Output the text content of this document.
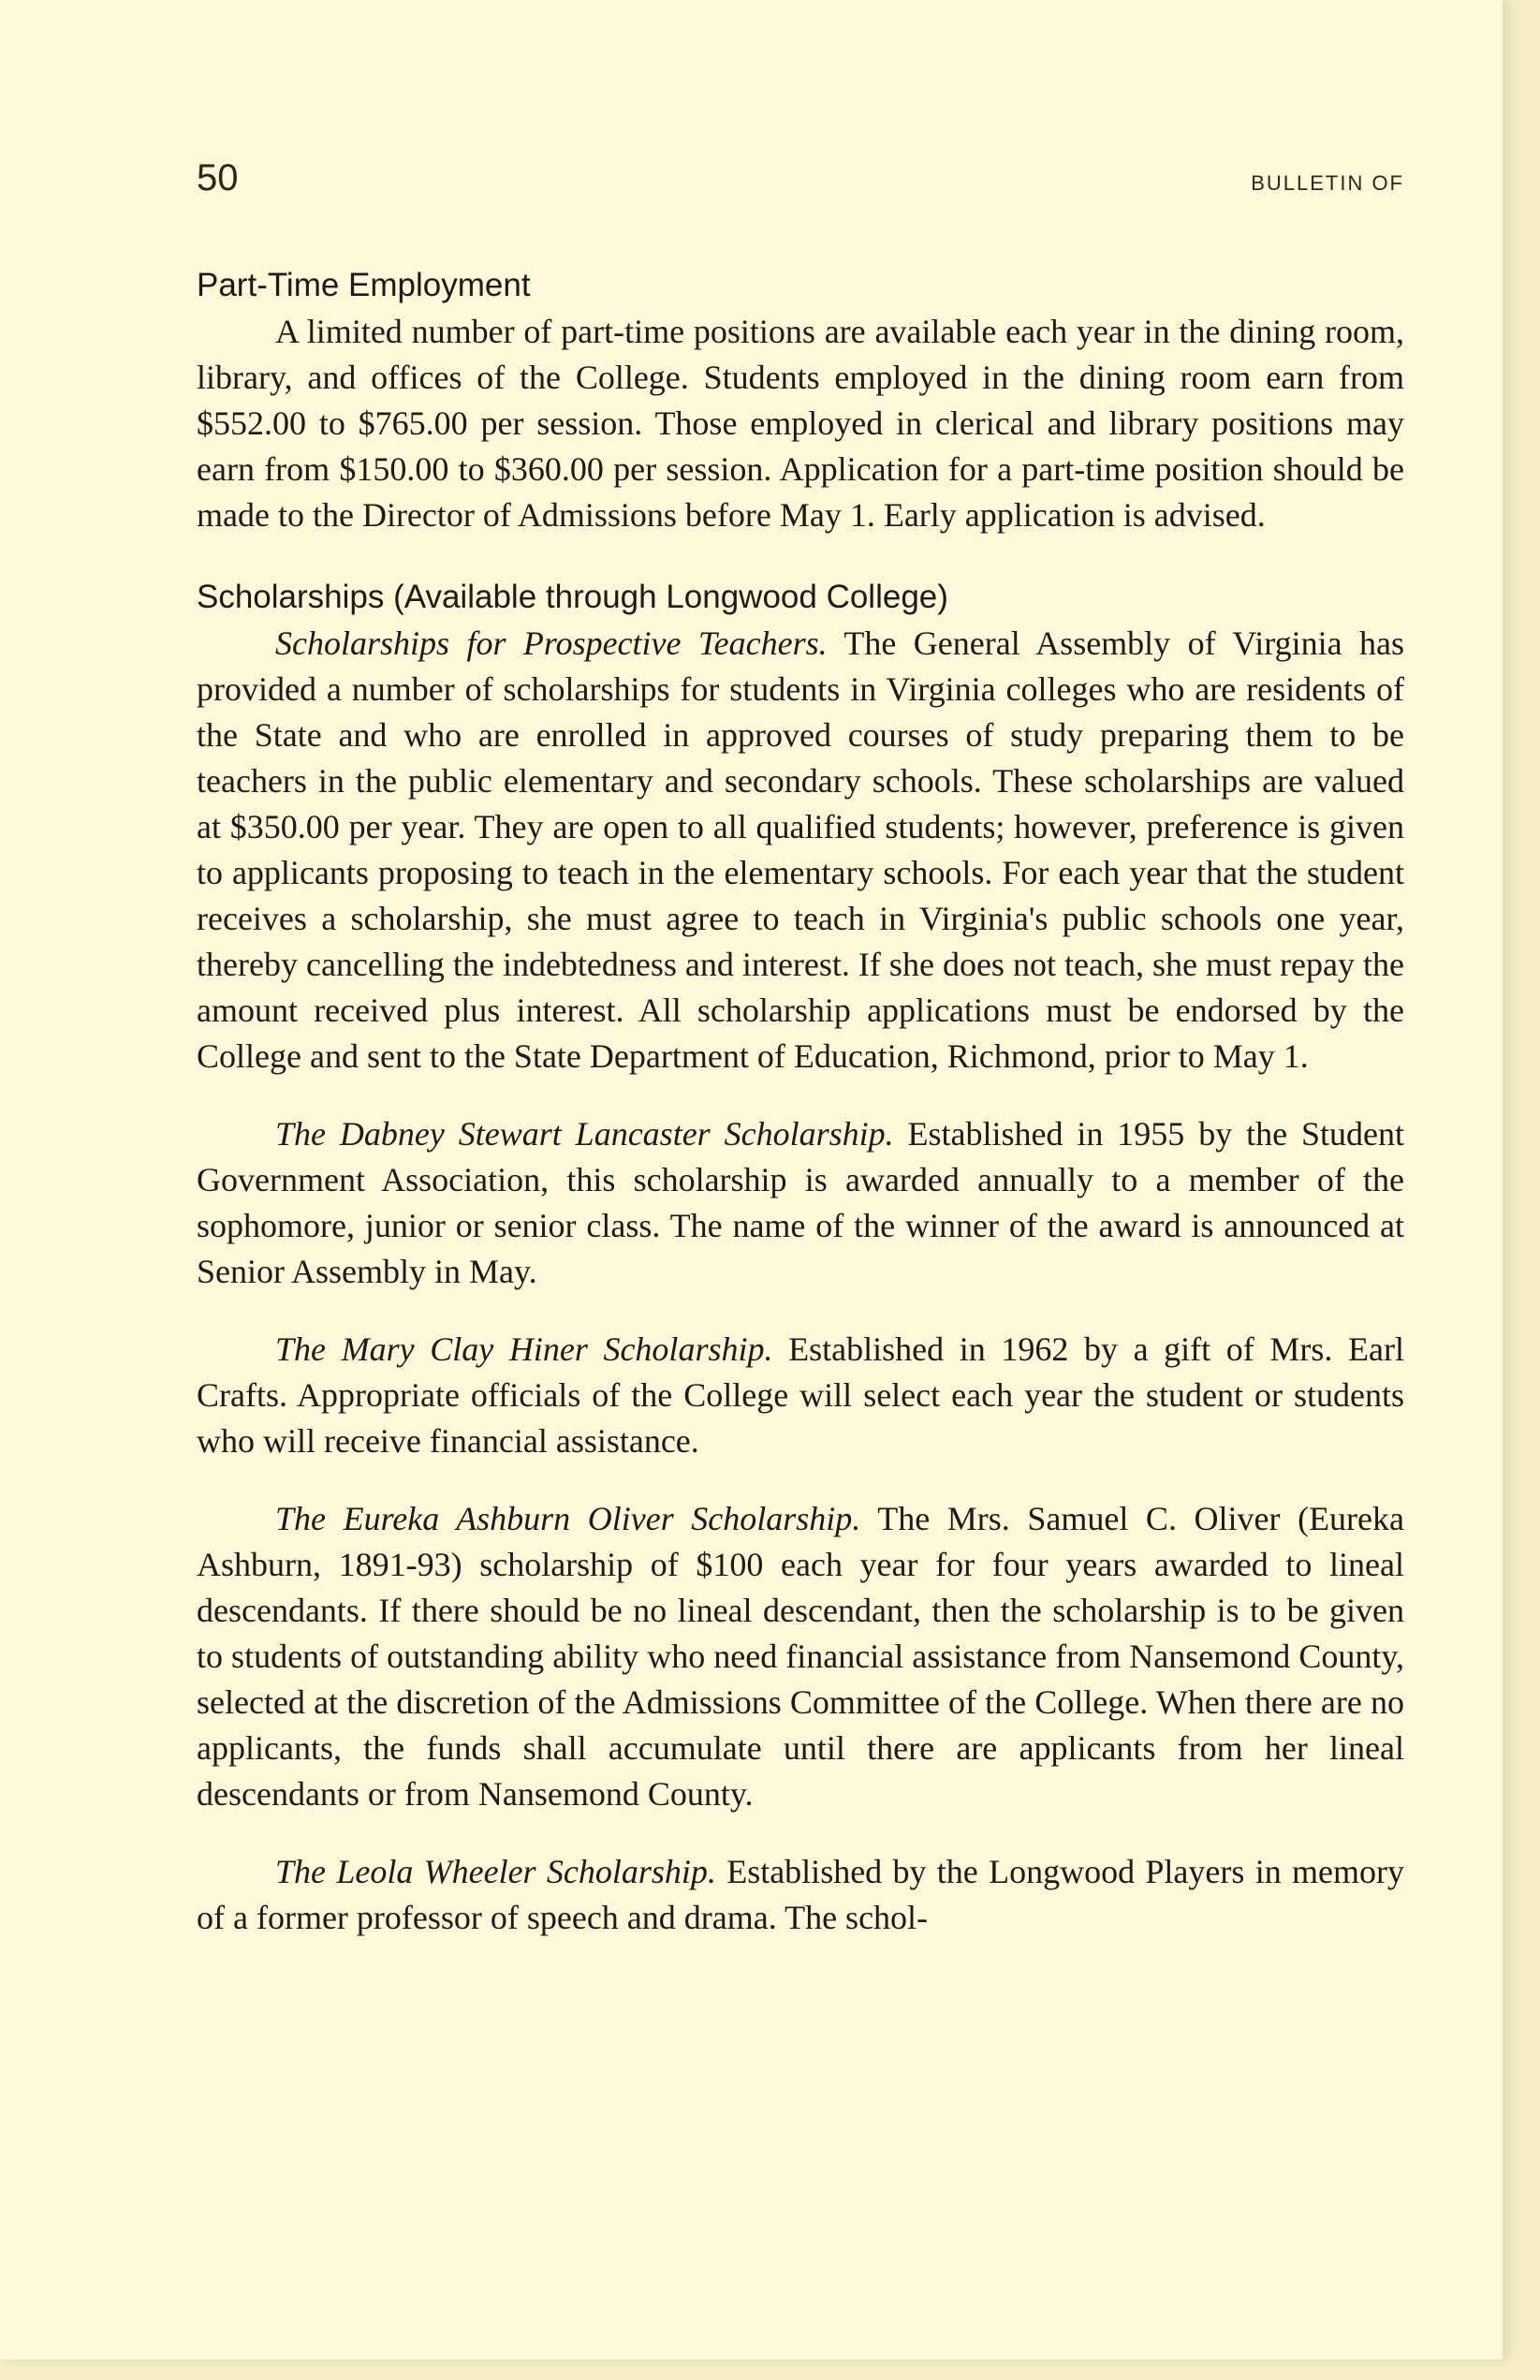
50	BULLETIN OF
Part-Time Employment

A limited number of part-time positions are available each year in the dining room, library, and offices of the College. Students employed in the dining room earn from $552.00 to $765.00 per session. Those employed in clerical and library positions may earn from $150.00 to $360.00 per session. Application for a part-time position should be made to the Director of Admissions before May 1. Early application is advised.

Scholarships (Available through Longwood College)

Scholarships for Prospective Teachers. The General Assembly of Virginia has provided a number of scholarships for students in Virginia colleges who are residents of the State and who are enrolled in approved courses of study preparing them to be teachers in the public elementary and secondary schools. These scholarships are valued at $350.00 per year. They are open to all qualified students; however, preference is given to applicants proposing to teach in the elementary schools. For each year that the student receives a scholarship, she must agree to teach in Virginia's public schools one year, thereby cancelling the indebtedness and interest. If she does not teach, she must repay the amount received plus interest. All scholarship applications must be endorsed by the College and sent to the State Department of Education, Richmond, prior to May 1.

The Dabney Stewart Lancaster Scholarship. Established in 1955 by the Student Government Association, this scholarship is awarded annually to a member of the sophomore, junior or senior class. The name of the winner of the award is announced at Senior Assembly in May.

The Mary Clay Hiner Scholarship. Established in 1962 by a gift of Mrs. Earl Crafts. Appropriate officials of the College will select each year the student or students who will receive financial assistance.

The Eureka Ashburn Oliver Scholarship. The Mrs. Samuel C. Oliver (Eureka Ashburn, 1891-93) scholarship of $100 each year for four years awarded to lineal descendants. If there should be no lineal descendant, then the scholarship is to be given to students of outstanding ability who need financial assistance from Nansemond County, selected at the discretion of the Admissions Committee of the College. When there are no applicants, the funds shall accumulate until there are applicants from her lineal descendants or from Nansemond County.

The Leola Wheeler Scholarship. Established by the Longwood Players in memory of a former professor of speech and drama. The schol-
